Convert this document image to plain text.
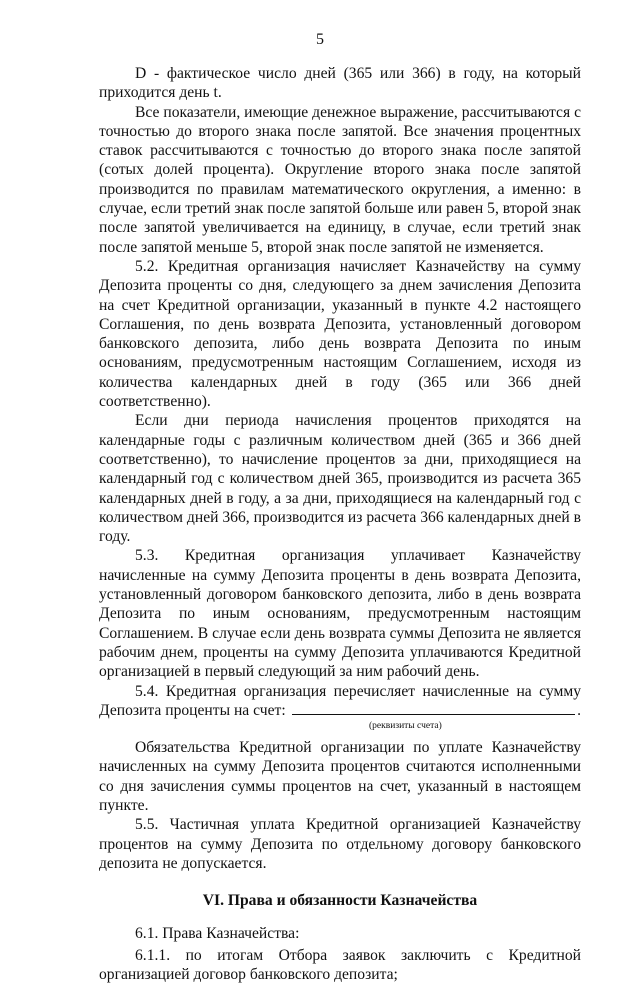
5

D - фактическое число дней (365 или 366) в году, на который приходится день t.

Все показатели, имеющие денежное выражение, рассчитываются с точностью до второго знака после запятой. Все значения процентных ставок рассчитываются с точностью до второго знака после запятой (сотых долей процента). Округление второго знака после запятой производится по правилам математического округления, а именно: в случае, если третий знак после запятой больше или равен 5, второй знак после запятой увеличивается на единицу, в случае, если третий знак после запятой меньше 5, второй знак после запятой не изменяется.

5.2. Кредитная организация начисляет Казначейству на сумму Депозита проценты со дня, следующего за днем зачисления Депозита на счет Кредитной организации, указанный в пункте 4.2 настоящего Соглашения, по день возврата Депозита, установленный договором банковского депозита, либо день возврата Депозита по иным основаниям, предусмотренным настоящим Соглашением, исходя из количества календарных дней в году (365 или 366 дней соответственно).

Если дни периода начисления процентов приходятся на календарные годы с различным количеством дней (365 и 366 дней соответственно), то начисление процентов за дни, приходящиеся на календарный год с количеством дней 365, производится из расчета 365 календарных дней в году, а за дни, приходящиеся на календарный год с количеством дней 366, производится из расчета 366 календарных дней в году.

5.3. Кредитная организация уплачивает Казначейству начисленные на сумму Депозита проценты в день возврата Депозита, установленный договором банковского депозита, либо в день возврата Депозита по иным основаниям, предусмотренным настоящим Соглашением. В случае если день возврата суммы Депозита не является рабочим днем, проценты на сумму Депозита уплачиваются Кредитной организацией в первый следующий за ним рабочий день.

5.4. Кредитная организация перечисляет начисленные на сумму

Депозита проценты на счет:	.
(реквизиты счета)

Обязательства Кредитной организации по уплате Казначейству начисленных на сумму Депозита процентов считаются исполненными со дня зачисления суммы процентов на счет, указанный в настоящем пункте.

5.5. Частичная уплата Кредитной организацией Казначейству процентов на сумму Депозита по отдельному договору банковского депозита не допускается.

VI. Права и обязанности Казначейства

6.1. Права Казначейства:

6.1.1. по итогам Отбора заявок заключить с Кредитной организацией договор банковского депозита;
